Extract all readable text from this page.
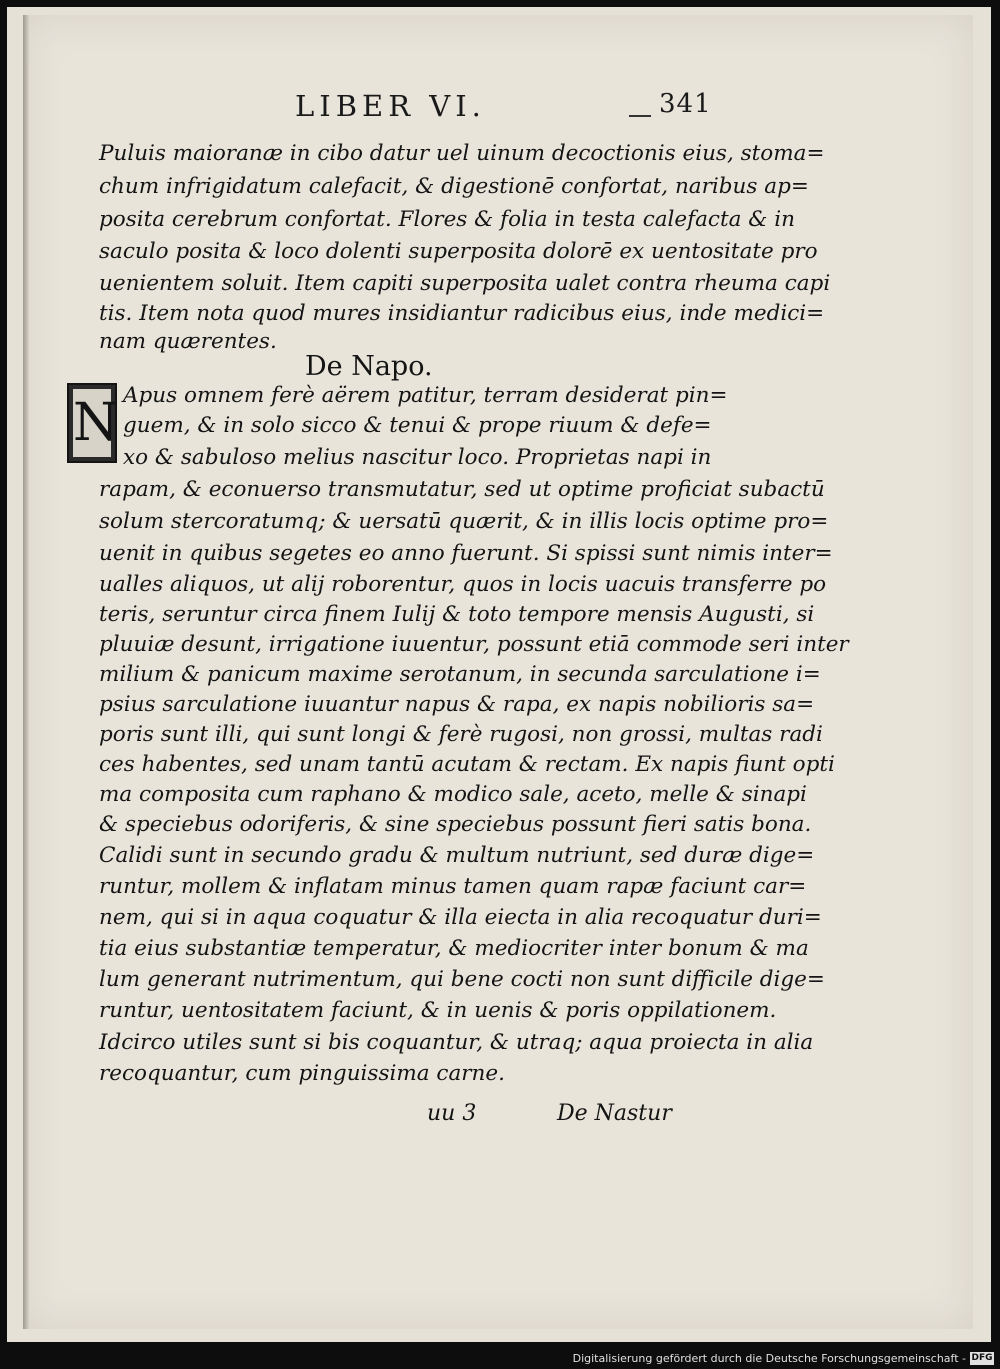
LIBER VI.	341
Puluis maioranæ in cibo datur uel uinum decoctionis eius, stoma=
chum infrigidatum calefacit, & digestionē confortat, naribus ap=
posita cerebrum confortat. Flores & folia in testa calefacta & in
saculo posita & loco dolenti superposita dolorē ex uentositate pro
uenientem soluit. Item capiti superposita ualet contra rheuma capi
tis. Item nota quod mures insidiantur radicibus eius, inde medici=
nam quærentes.
De Napo.
N Apus omnem ferè aërem patitur, terram desiderat pin=
guem, & in solo sicco & tenui & prope riuum & defe=
xo & sabuloso melius nascitur loco. Proprietas napi in
rapam, & econuerso transmutatur, sed ut optime proficiat subactū
solum stercoratumq; & uersatū quærit, & in illis locis optime pro=
uenit in quibus segetes eo anno fuerunt. Si spissi sunt nimis inter=
ualles aliquos, ut alij roborentur, quos in locis uacuis transferre po
teris, seruntur circa finem Iulij & toto tempore mensis Augusti, si
pluuiæ desunt, irrigatione iuuentur, possunt etiā commode seri inter
milium & panicum maxime serotanum, in secunda sarculatione i=
psius sarculatione iuuantur napus & rapa, ex napis nobilioris sa=
poris sunt illi, qui sunt longi & ferè rugosi, non grossi, multas radi
ces habentes, sed unam tantū acutam & rectam. Ex napis fiunt opti
ma composita cum raphano & modico sale, aceto, melle & sinapi
& speciebus odoriferis, & sine speciebus possunt fieri satis bona.
Calidi sunt in secundo gradu & multum nutriunt, sed duræ dige=
runtur, mollem & inflatam minus tamen quam rapæ faciunt car=
nem, qui si in aqua coquatur & illa eiecta in alia recoquatur duri=
tia eius substantiæ temperatur, & mediocriter inter bonum & ma
lum generant nutrimentum, qui bene cocti non sunt difficile dige=
runtur, uentositatem faciunt, & in uenis & poris oppilationem.
Idcirco utiles sunt si bis coquantur, & utraq; aqua proiecta in alia
recoquantur, cum pinguissima carne.
uu 3	De Nastur
Digitalisierung gefördert durch die Deutsche Forschungsgemeinschaft - DFG
